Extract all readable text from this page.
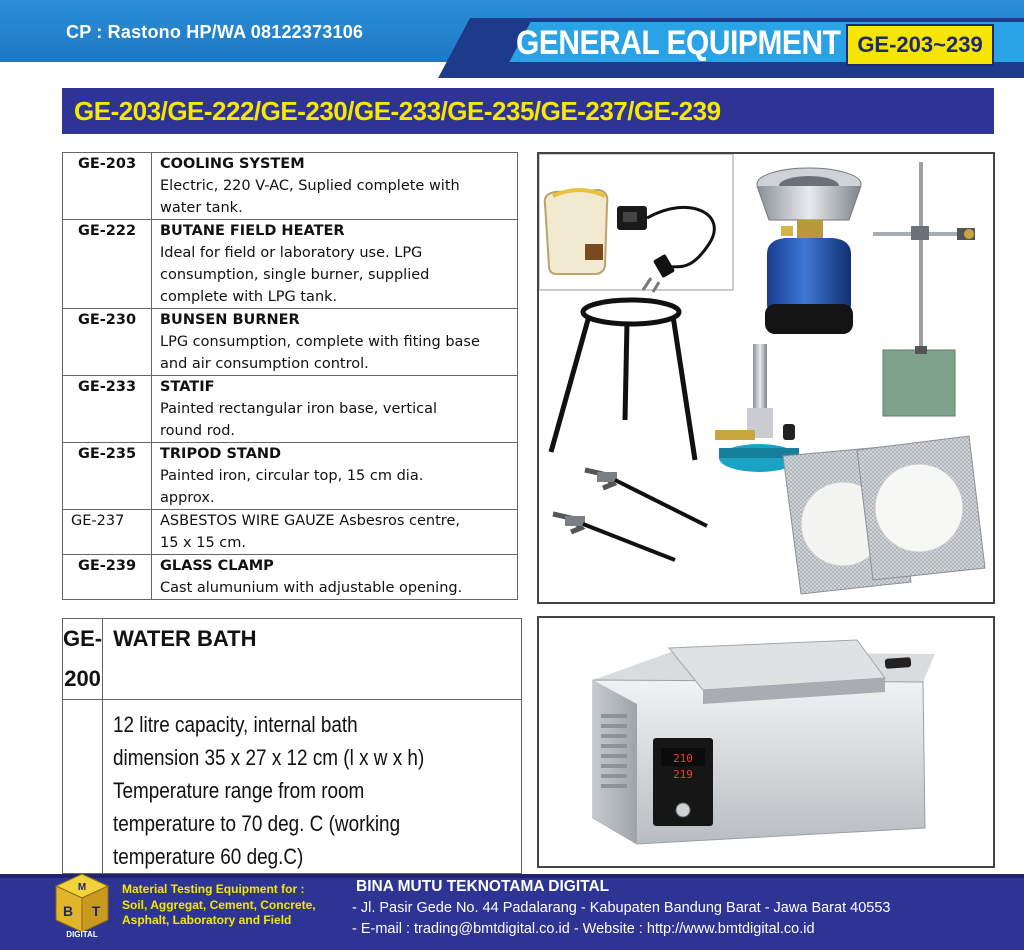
CP : Rastono HP/WA 08122373106	GENERAL EQUIPMENT GE-203~239
GE-203/GE-222/GE-230/GE-233/GE-235/GE-237/GE-239
GE-203	COOLING SYSTEM
Electric, 220 V-AC, Suplied complete with
water tank.

GE-222	BUTANE FIELD HEATER
Ideal for field or laboratory use. LPG
consumption, single burner, supplied
complete with LPG tank.

GE-230	BUNSEN BURNER
LPG consumption, complete with fiting base
and air consumption control.

GE-233	STATIF
Painted rectangular iron base, vertical
round rod.

GE-235	TRIPOD STAND
Painted iron, circular top, 15 cm dia.
approx.

GE-237	ASBESTOS WIRE GAUZE Asbesros centre,
15 x 15 cm.

GE-239	GLASS CLAMP
Cast alumunium with adjustable opening.
GE-200	WATER BATH

	12 litre capacity, internal bath
dimension 35 x 27 x 12 cm (l x w x h)
Temperature range from room
temperature to 70 deg. C (working
temperature 60 deg.C)
210
219
M
B T
DIGITAL
Material Testing Equipment for :
Soil, Aggregat, Cement, Concrete,
Asphalt, Laboratory and Field
BINA MUTU TEKNOTAMA DIGITAL
- Jl. Pasir Gede No. 44 Padalarang - Kabupaten Bandung Barat - Jawa Barat 40553
- E-mail : trading@bmtdigital.co.id - Website : http://www.bmtdigital.co.id
